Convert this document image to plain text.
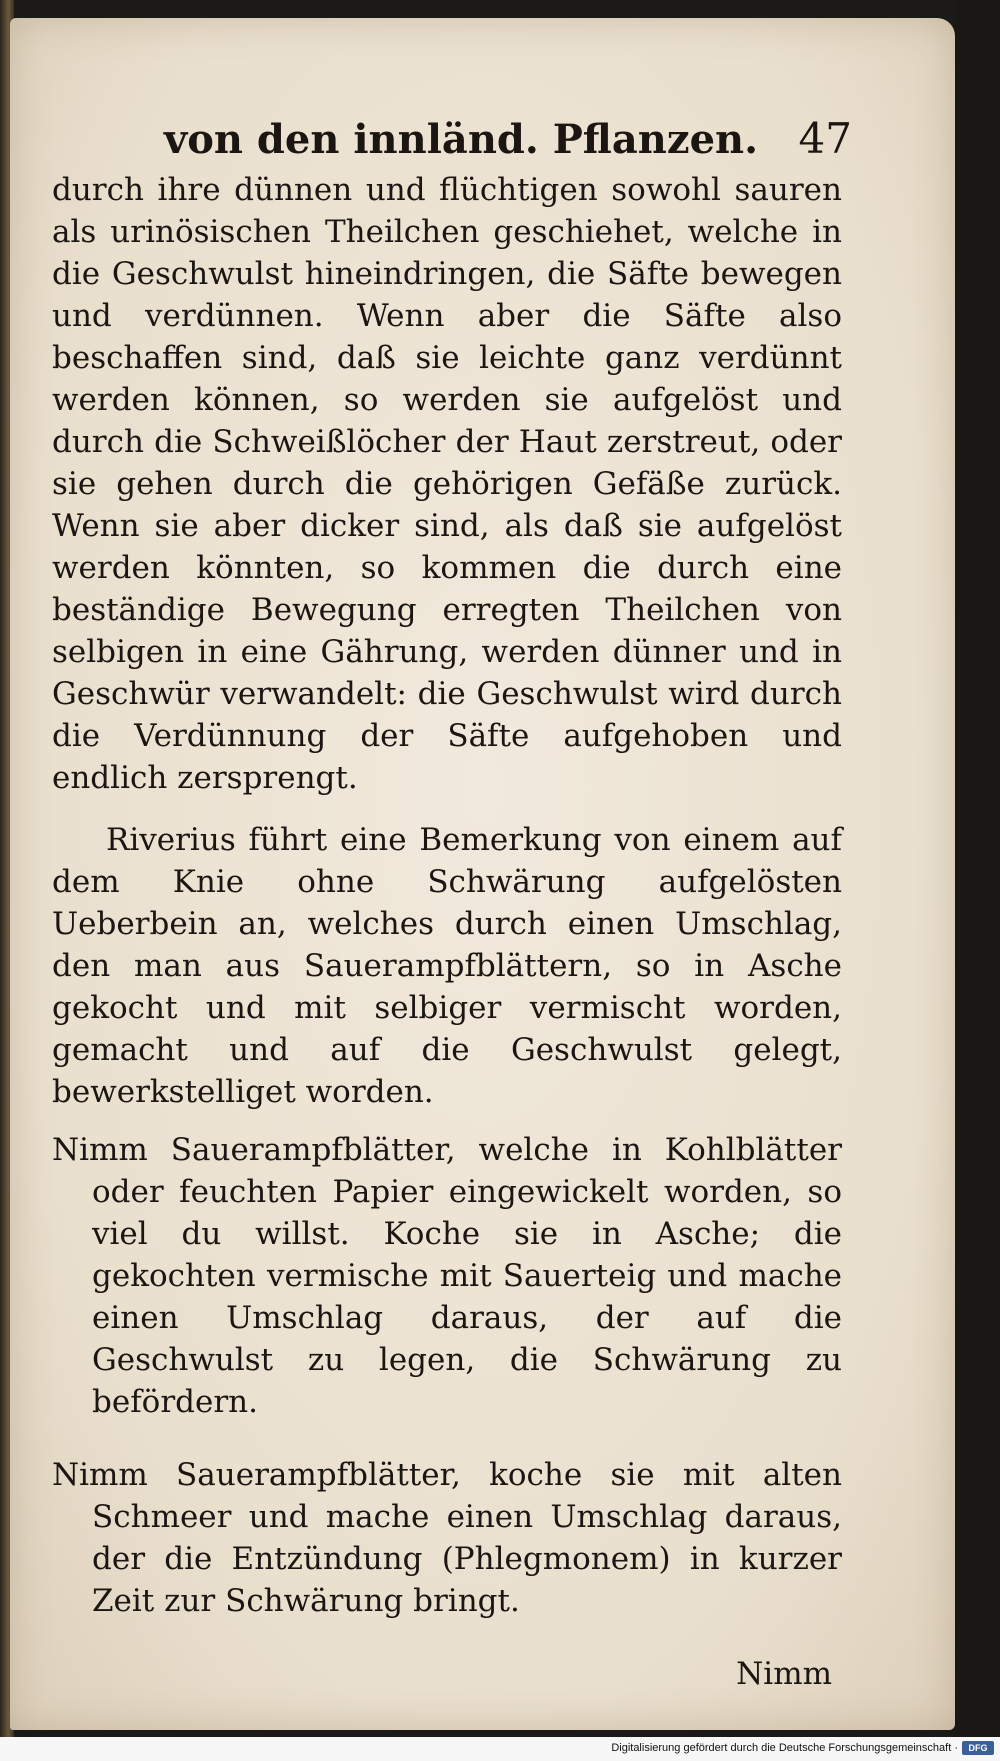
von den innländ. Pflanzen. 47

durch ihre dünnen und flüchtigen sowohl sauren als urinösischen Theilchen geschiehet, welche in die Geschwulst hineindringen, die Säfte bewegen und verdünnen. Wenn aber die Säfte also beschaffen sind, daß sie leichte ganz verdünnt werden können, so werden sie aufgelöst und durch die Schweißlöcher der Haut zerstreut, oder sie gehen durch die gehörigen Gefäße zurück. Wenn sie aber dicker sind, als daß sie aufgelöst werden könnten, so kommen die durch eine beständige Bewegung erregten Theilchen von selbigen in eine Gährung, werden dünner und in Geschwür verwandelt: die Geschwulst wird durch die Verdünnung der Säfte aufgehoben und endlich zersprengt.

Riverius führt eine Bemerkung von einem auf dem Knie ohne Schwärung aufgelösten Ueberbein an, welches durch einen Umschlag, den man aus Sauerampfblättern, so in Asche gekocht und mit selbiger vermischt worden, gemacht und auf die Geschwulst gelegt, bewerkstelliget worden.

Nimm Sauerampfblätter, welche in Kohlblätter oder feuchten Papier eingewickelt worden, so viel du willst. Koche sie in Asche; die gekochten vermische mit Sauerteig und mache einen Umschlag daraus, der auf die Geschwulst zu legen, die Schwärung zu befördern.

Nimm Sauerampfblätter, koche sie mit alten Schmeer und mache einen Umschlag daraus, der die Entzündung (Phlegmonem) in kurzer Zeit zur Schwärung bringt.

Nimm
Digitalisierung gefördert durch die Deutsche Forschungsgemeinschaft ·	DFG
